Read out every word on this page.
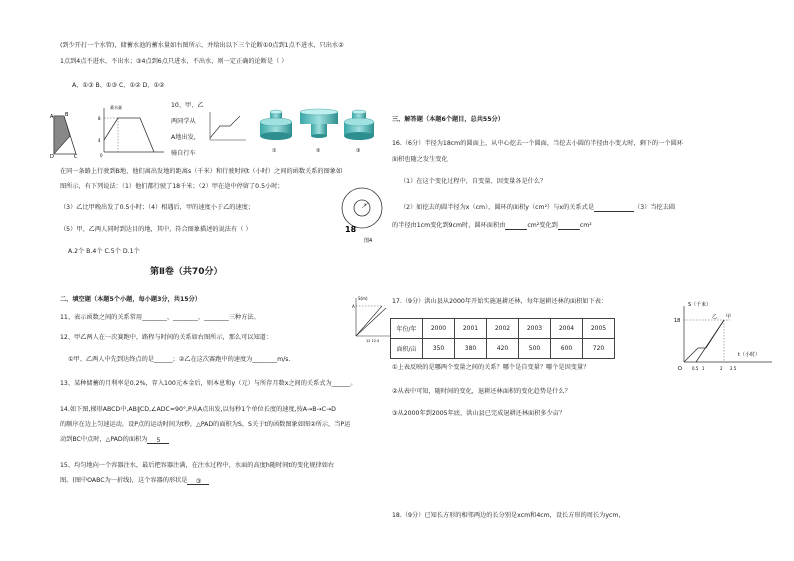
(到少开打一个水管)，储蓄水池的蓄水量如右图所示，并给出以下三个论断①0点到1点不进水，只出水②
1点到4点不进水，不出水；③4点到6点只进水，不出水，则一定正确的论断是（ ）
A、①③ B、①③ C、①② D、①②
A B
D	C
蓄水量
8
4
0
10、甲、乙
两同学从
A地出发，
骑自行车	①	②	③
在同一条路上行驶到B地，他们离出发地的距离s（千米）和行驶时间t（小时）之间的函数关系的图象如
图所示，有下列说法：（1）他们都行驶了18千米；（2）甲在途中停留了0.5小时；
（3）乙比甲晚出发了0.5小时；（4）相遇后，甲的速度小于乙的速度；
（5）甲、乙两人同时到达目的地，其中，符合图象描述的说法有（ ）
A.2个 B.4个 C.5个 D.1个
x
18
图4
第Ⅱ卷（共70分）
二、填空题（本题5个小题，每小题3分，共15分）
11、表示函数之间的关系常用________、________、________三种方法。
12、甲乙两人在一次赛跑中，路程与时间的关系如右图所示，那么可以知道：
①甲、乙两人中先到达终点的是______；②乙在这次赛跑中的速度为________m/s.
13、某种储蓄的月利率是0.2%，存入100元本金后，则本息和y（元）与所存月数x之间的关系式为______。
14.如下图,梯形ABCD中,AB∥CD,∠ADC=90°,P从A点出发,以每秒1个单位长度的速度,按A→B→C→D
的顺序在边上匀速运动，设P点的运动时间为t秒，△PAD的面积为S，S关于t的函数图象如图②所示，当P运
动到BC中点时，△PAD的面积为 5
15、均匀地向一个容器注水，最后把容器注满，在注水过程中，水面的高度h随时间t的变化规律如右
图。(图中OABC为一折线)，这个容器的形状是 ③
S(m)
A
12 12.5
三、解答题（本题6个题目，总共55分）
16.（6分）半径为18cm的圆面上，从中心挖去一个圆面，当挖去小圆的半径由小变大时，剩下的一个圆环
面积也随之发生变化
（1）在这个变化过程中，自变量、因变量各是什么？
（2）如挖去的圆半径为x（cm），圆环的面积y（cm²）与x的关系式是	（3）当挖去圆
的半径由1cm变化到9cm时，圆环面积由	cm²变化到	cm²
17.（9分）洪山县从2000年开始实施退耕还林，每年退耕还林的面积如下表：
年份/年	2000	2001	2002	2003	2004	2005
面积/亩	350	380	420	500	600	720
①上表反映的是哪两个变量之间的关系？哪个是自变量？哪个是因变量？
②从表中可知，随时间的变化，退耕还林面积的变化趋势是什么？
③从2000年到2005年底，洪山县已完成退耕还林面积多少亩？
18.（9分）已知长方形的相邻两边的长分别是xcm和4cm，设长方形的周长为ycm，
S（千米）
18
乙 甲
O	0.5 1	2 2.5
t（小时）
